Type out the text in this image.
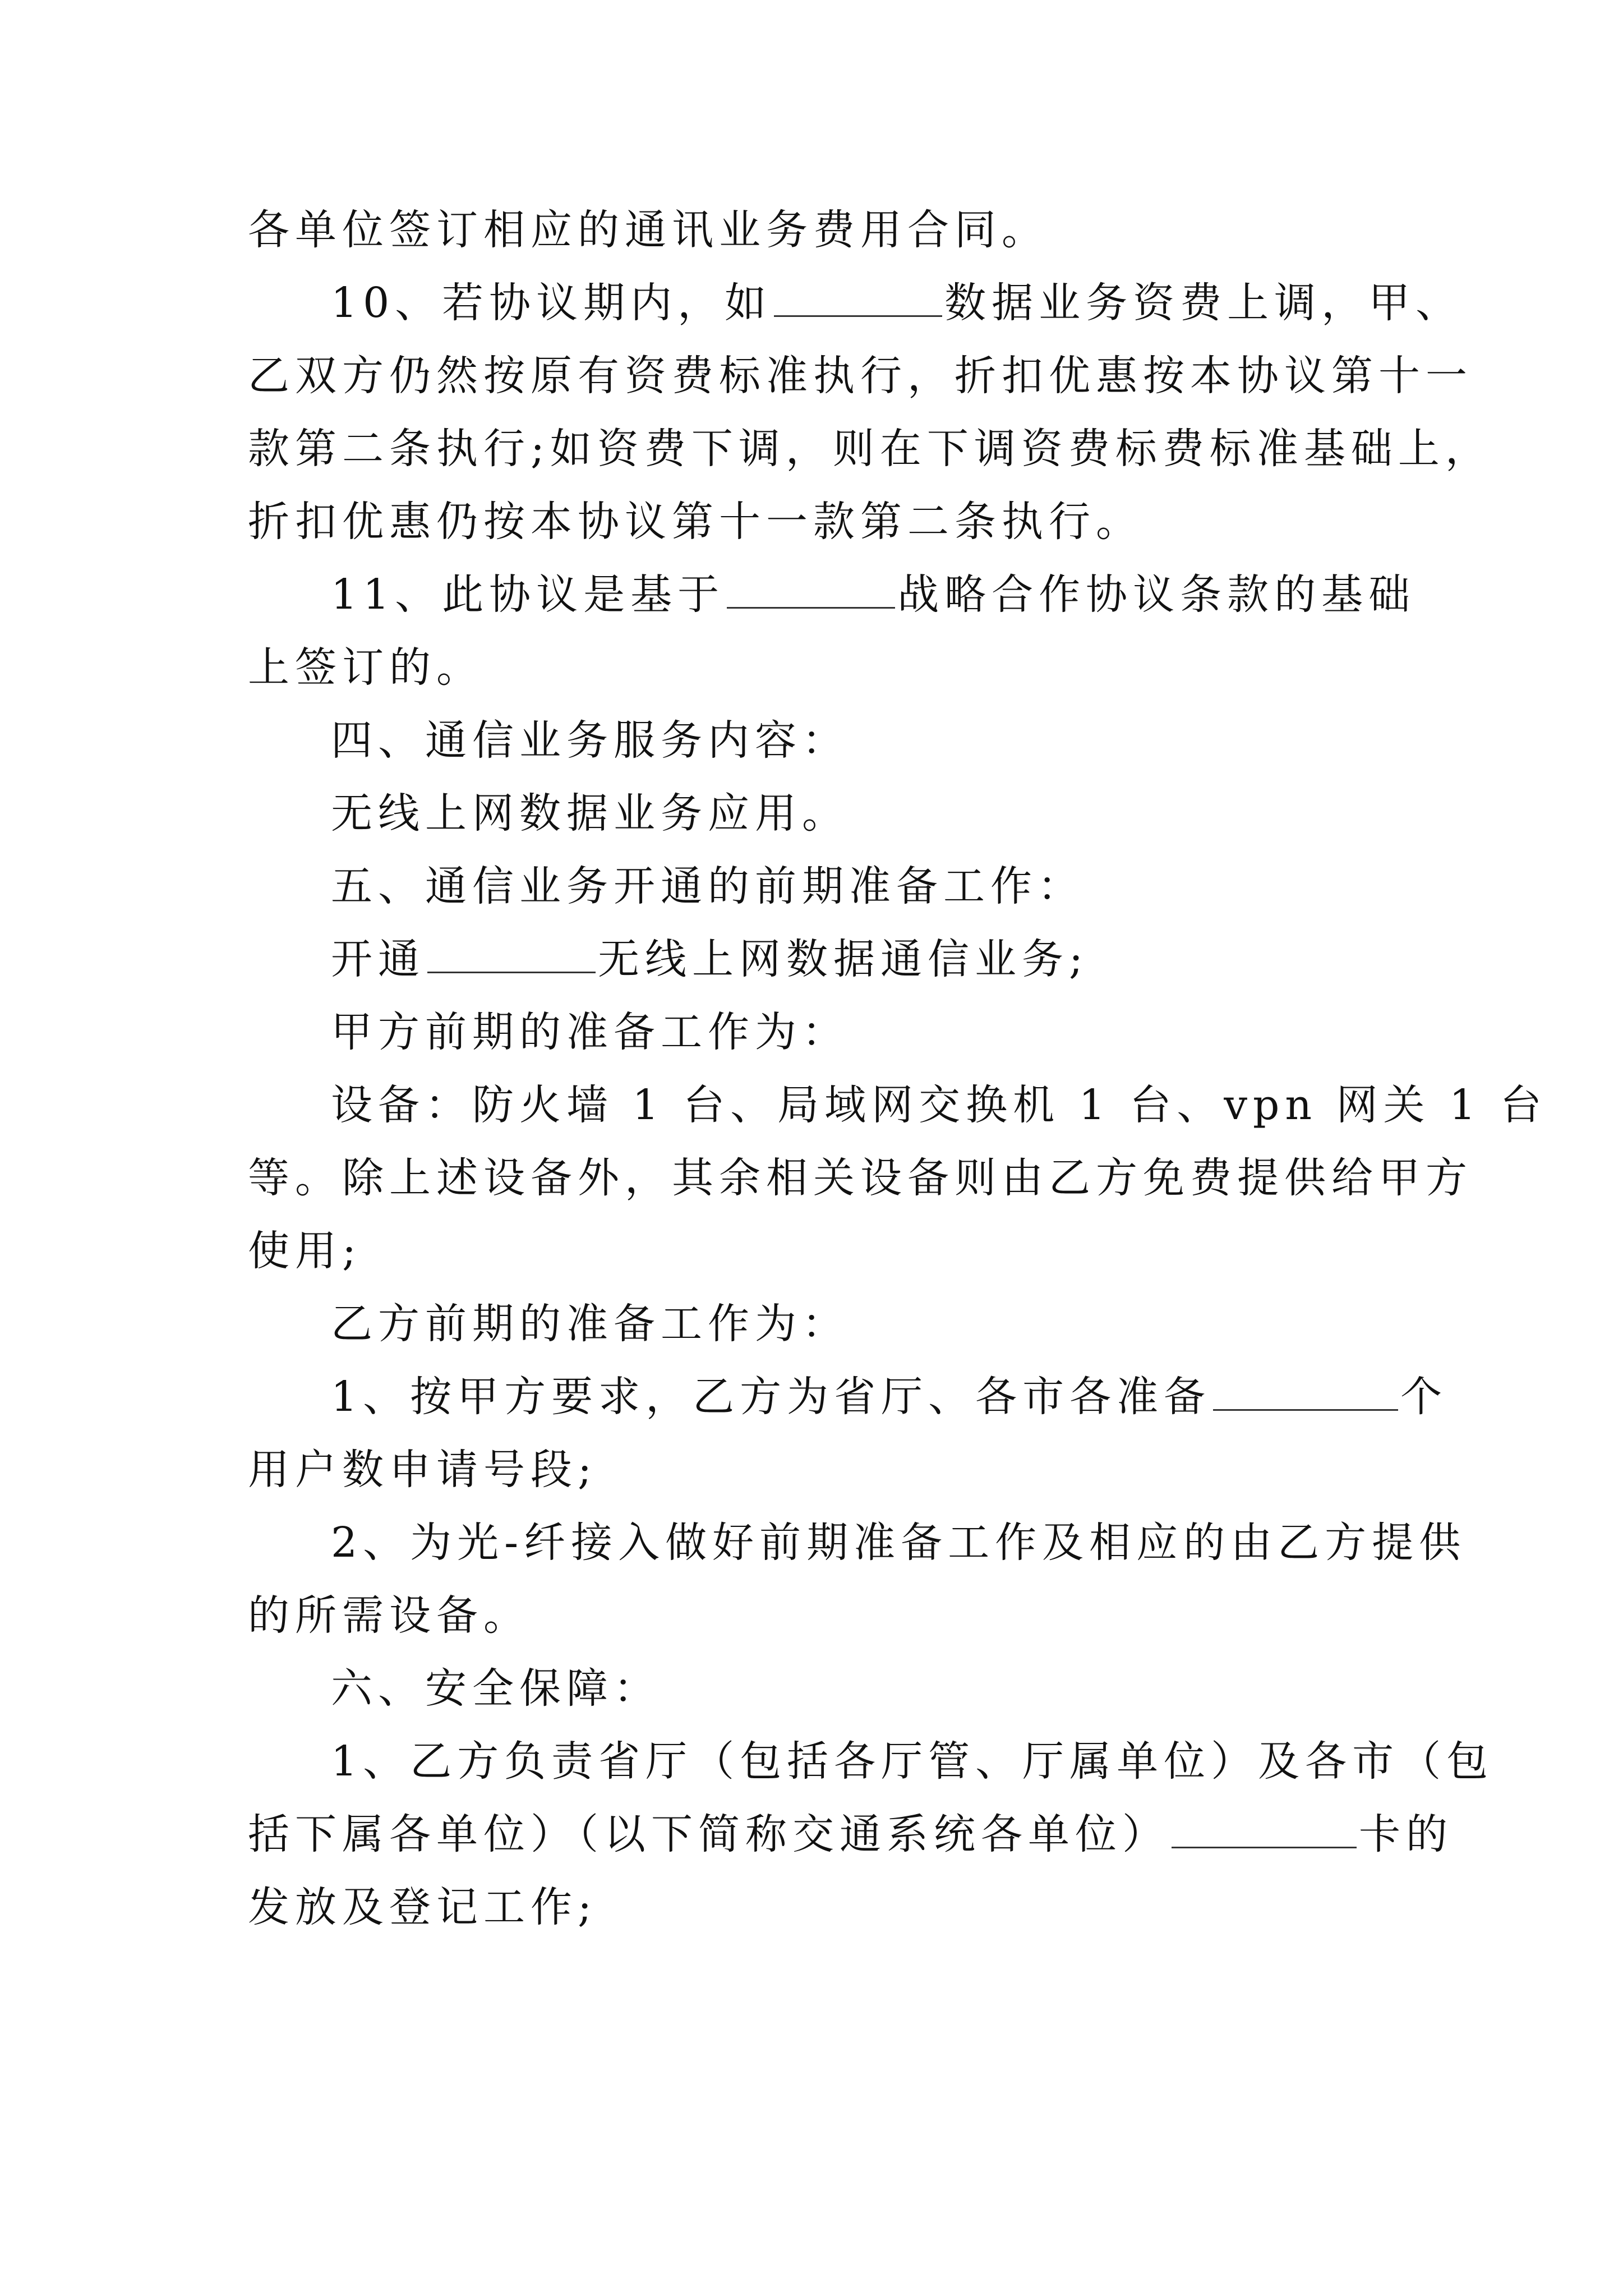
各单位签订相应的通讯业务费用合同。
10、若协议期内，如	数据业务资费上调，甲、
乙双方仍然按原有资费标准执行，折扣优惠按本协议第十一
款第二条执行;如资费下调，则在下调资费标费标准基础上，
折扣优惠仍按本协议第十一款第二条执行。
11、此协议是基于	战略合作协议条款的基础
上签订的。
四、通信业务服务内容：
无线上网数据业务应用。
五、通信业务开通的前期准备工作：
开通	无线上网数据通信业务;
甲方前期的准备工作为：
设备：防火墙 1 台、局域网交换机 1 台、vpn 网关 1 台
等。除上述设备外，其余相关设备则由乙方免费提供给甲方
使用;
乙方前期的准备工作为：
1、按甲方要求，乙方为省厅、各市各准备	个
用户数申请号段;
2、为光-纤接入做好前期准备工作及相应的由乙方提供
的所需设备。
六、安全保障：
1、乙方负责省厅（包括各厅管、厅属单位）及各市（包
括下属各单位）（以下简称交通系统各单位）	卡的
发放及登记工作;
